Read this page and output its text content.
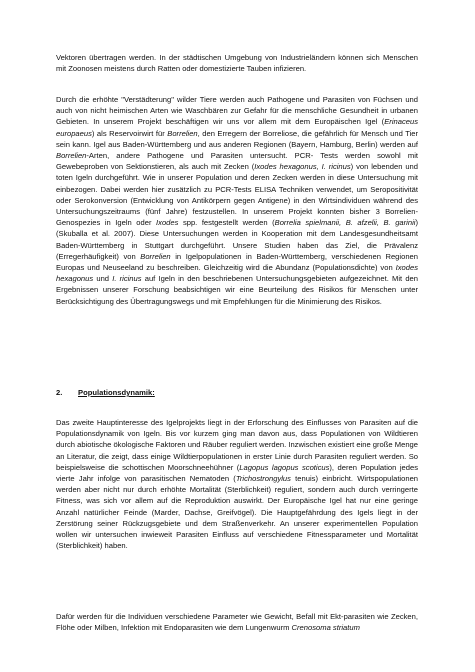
Vektoren übertragen werden. In der städtischen Umgebung von Industrieländern können sich Menschen mit Zoonosen meistens durch Ratten oder domestizierte Tauben infizieren.

Durch die erhöhte "Verstädterung" wilder Tiere werden auch Pathogene und Parasiten von Füchsen und auch von nicht heimischen Arten wie Waschbären zur Gefahr für die menschliche Gesundheit in urbanen Gebieten. In unserem Projekt beschäftigen wir uns vor allem mit dem Europäischen Igel (Erinaceus europaeus) als Reservoirwirt für Borrelien, den Erregern der Borreliose, die gefährlich für Mensch und Tier sein kann. Igel aus Baden-Württemberg und aus anderen Regionen (Bayern, Hamburg, Berlin) werden auf Borrelien-Arten, andere Pathogene und Parasiten untersucht. PCR- Tests werden sowohl mit Gewebeproben von Sektionstieren, als auch mit Zecken (Ixodes hexagonus, I. ricinus) von lebenden und toten Igeln durchgeführt. Wie in unserer Population und deren Zecken werden in diese Untersuchung mit einbezogen. Dabei werden hier zusätzlich zu PCR-Tests ELISA Techniken verwendet, um Seropositivität oder Serokonversion (Entwicklung von Antikörpern gegen Antigene) in den Wirtsindividuen während des Untersuchungszeitraums (fünf Jahre) festzustellen. In unserem Projekt konnten bisher 3 Borrelien-Genospezies in Igeln oder Ixodes spp. festgestellt werden (Borrelia spielmanii, B. afzelii, B. garinii) (Skuballa et al. 2007). Diese Untersuchungen werden in Kooperation mit dem Landesgesundheitsamt Baden-Württemberg in Stuttgart durchgeführt. Unsere Studien haben das Ziel, die Prävalenz (Erregerhäufigkeit) von Borrelien in Igelpopulationen in Baden-Württemberg, verschiedenen Regionen Europas und Neuseeland zu beschreiben. Gleichzeitig wird die Abundanz (Populationsdichte) von Ixodes hexagonus und I. ricinus auf Igeln in den beschriebenen Untersuchungsgebieten aufgezeichnet. Mit den Ergebnissen unserer Forschung beabsichtigen wir eine Beurteilung des Risikos für Menschen unter Berücksichtigung des Übertragungswegs und mit Empfehlungen für die Minimierung des Risikos.

2. Populationsdynamik:

Das zweite Hauptinteresse des Igelprojekts liegt in der Erforschung des Einflusses von Parasiten auf die Populationsdynamik von Igeln. Bis vor kurzem ging man davon aus, dass Populationen von Wildtieren durch abiotische ökologische Faktoren und Räuber reguliert werden. Inzwischen existiert eine große Menge an Literatur, die zeigt, dass einige Wildtierpopulationen in erster Linie durch Parasiten reguliert werden. So beispielsweise die schottischen Moorschneehühner (Lagopus lagopus scoticus), deren Population jedes vierte Jahr infolge von parasitischen Nematoden (Trichostrongylus tenuis) einbricht. Wirtspopulationen werden aber nicht nur durch erhöhte Mortalität (Sterblichkeit) reguliert, sondern auch durch verringerte Fitness, was sich vor allem auf die Reproduktion auswirkt. Der Europäische Igel hat nur eine geringe Anzahl natürlicher Feinde (Marder, Dachse, Greifvögel). Die Hauptgefährdung des Igels liegt in der Zerstörung seiner Rückzugsgebiete und dem Straßenverkehr. An unserer experimentellen Population wollen wir untersuchen inwieweit Parasiten Einfluss auf verschiedene Fitnessparameter und Mortalität (Sterblichkeit) haben.

Dafür werden für die Individuen verschiedene Parameter wie Gewicht, Befall mit Ekt-parasiten wie Zecken, Flöhe oder Milben, Infektion mit Endoparasiten wie dem Lungenwurm Crenosoma striatum
